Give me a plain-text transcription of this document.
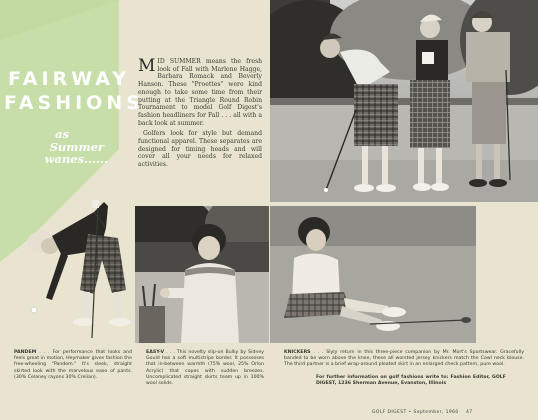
FAIRWAY
FASHIONS
as
Summer
wanes......

M ID SUMMER means the fresh look of Fall with Marlene Hagge, Barbara Romack and Beverly Hanson. These "Proettes" were kind enough to take some time from their putting at the Triangle Round Robin Tournament to model Golf Digest's fashion headliners for Fall . . . all with a back look at summer.

Golfers look for style but demand functional apparel. These separates are designed for timing heads and will cover all your needs for relaxed activities.

PANDEM . . . For performance that looks and feels great in motion, Heymaker gives fashion the free-wheeling "Pandem." It's sleek, straight skirted look with the marvelous ease of pants. (30% Celaney rayons 30% Crelian).
EASY-V . . . This novelty slip-on Bulky by Sidney Gould has a soft multistripe border. It possesses that in-between warmth (75% wool, 25% Orlon Acrylic) that copes with sudden breezes. Uncomplicated straight skirts team up in 100% wool solids.
KNICKERS . . . Slyly return in this three-piece companion by Mr. Mort's Sportswear. Gracefully banded to be worn above the knee, these all worsted jersey knickers match the Cowl neck blouse. The third partner is a brief wrap-around pleated skirt in an enlarged check pattern, pure wool.
For further information on golf fashions write to: Fashion Editor, GOLF DIGEST, 1236 Sherman Avenue, Evanston, Illinois
GOLF DIGEST • September, 1960 47
